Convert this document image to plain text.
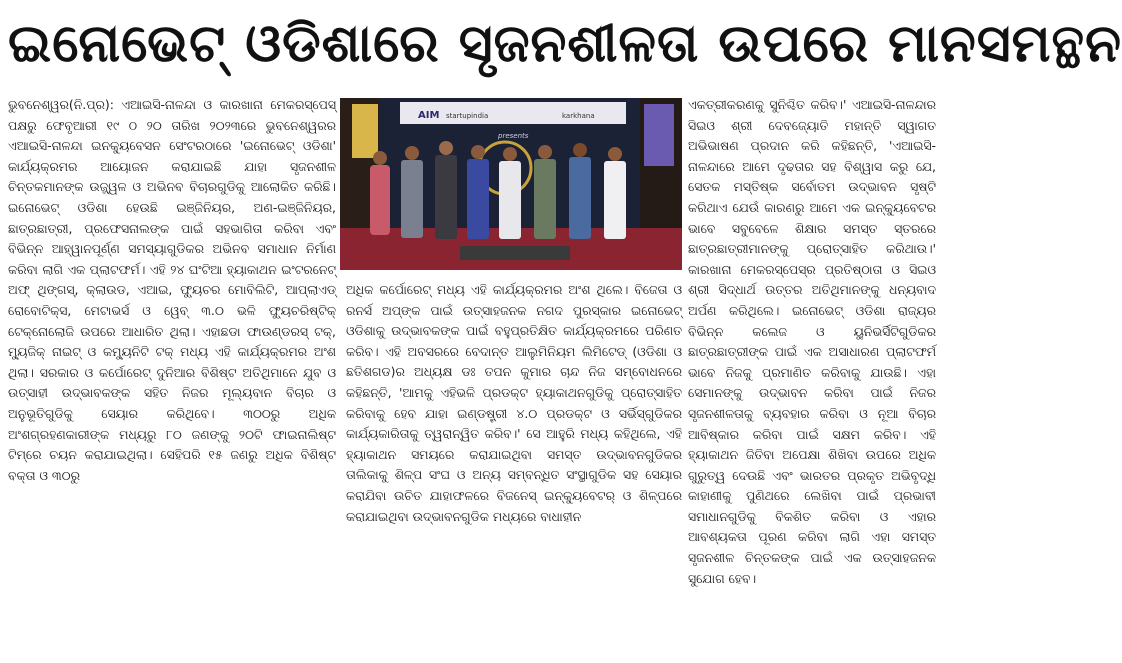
ଇନୋଭେଟ୍ ଓଡିଶାରେ ସୃଜନଶୀଳତା ଉପରେ ମାନସମନ୍ଥନ

ଭୁବନେଶ୍ୱର(ନି.ପ୍ର): ଏଆଇସି-ନାଳନ୍ଦା ଓ କାରଖାନା ମେକରସ୍ପେସ୍ ପକ୍ଷରୁ ଫେବୃଆରୀ ୧୯ ଠ ୨୦ ତାରିଖ ୨୦୨୩ରେ ଭୁବନେଶ୍ୱରର ଏଆଇସି-ନାଳନ୍ଦା ଇନକ୍ୟୁବେସନ ସେଂଟରଠାରେ 'ଇନୋଭେଟ୍ ଓଡିଶା' କାର୍ଯ୍ୟକ୍ରମର ଆୟୋଜନ କରାଯାଇଛି ଯାହା ସୃଜନଶୀଳ ଚିନ୍ତକମାନଙ୍କ ଉଜ୍ଜ୍ୱଳ ଓ ଅଭିନବ ବିଚାରଗୁଡିକୁ ଆଲୋକିତ କରିଛି। ଇନୋଭେଟ୍ ଓଡିଶା ହେଉଛି ଇଞ୍ଜିନିୟର, ଅଣ-ଇଞ୍ଜିନିୟର, ଛାତ୍ରଛାତ୍ରୀ, ପ୍ରଫେସନାଲଙ୍କ ପାଇଁ ସହଭାଗିତା କରିବା ଏବଂ ବିଭିନ୍ନ ଆହ୍ୱାନପୂର୍ଣ୍ଣ ସମସ୍ୟାଗୁଡିକର ଅଭିନବ ସମାଧାନ ନିର୍ମାଣ କରିବା ଲାଗି ଏକ ପ୍ଲାଟଫର୍ମ। ଏହି ୨୪ ଘଂଟିଆ ହ୍ୟାକାଥନ ଇଂଟରନେଟ୍ ଅଫ୍ ଥିଙ୍ଗସ୍, କ୍ଲାଉଡ, ଏଆଇ, ଫ୍ୟୁଚର ମୋବିଲିଟି, ଆପ୍ଲାଏଡ୍ ରୋବୋଟିକ୍ସ, ମେଟାଭର୍ସ ଓ ୱେବ୍ ୩.୦ ଭଳି ଫ୍ୟୁଚରିଷ୍ଟିକ୍ ଟେକ୍ନୋଲୋଜି ଉପରେ ଆଧାରିତ ଥିଲା। ଏହାଛଡା ଫାଉଣ୍ଡରସ୍ ଟକ୍, ମ୍ୟୁଜିକ୍ ନାଇଟ୍ ଓ କମ୍ୟୁନିଟି ଟକ୍ ମଧ୍ୟ ଏହି କାର୍ଯ୍ୟକ୍ରମର ଅଂଶ ଥିଲା। ସରକାର ଓ କର୍ପୋରେଟ୍ ଦୁନିଆର ବିଶିଷ୍ଟ ଅତିଥିମାନେ ଯୁବ ଓ ଉତ୍ସାହୀ ଉଦ୍ଭାବକଙ୍କ ସହିତ ନିଜର ମୂଲ୍ୟବାନ ବିଚାର ଓ ଅନୁଭୂତିଗୁଡିକୁ ସେୟାର କରିଥିବେ। ୩୦୦ରୁ ଅଧିକ ଅଂଶଗ୍ରହଣକାରୀଙ୍କ ମଧ୍ୟରୁ ୮୦ ଜଣଙ୍କୁ ୨୦ଟି ଫାଇନାଲିଷ୍ଟ ଟିମ୍‌ରେ ଚୟନ କରାଯାଇଥିଲା। ସେହିପରି ୧୫ ଜଣରୁ ଅଧିକ ବିଶିଷ୍ଟ ବକ୍ତା ଓ ୩୦ରୁ

AIM startupindia	karkhana
presents

ଅଧିକ କର୍ପୋରେଟ୍ ମଧ୍ୟ ଏହି କାର୍ଯ୍ୟକ୍ରମର ଅଂଶ ଥିଲେ। ବିଜେତା ଓ ରନର୍ସ ଅପ୍‌ଙ୍କ ପାଇଁ ଉତ୍ସାହଜନକ ନଗଦ ପୁରସ୍କାର ଇନୋଭେଟ୍ ଓଡିଶାକୁ ଉଦ୍ଭାବକଙ୍କ ପାଇଁ ବହୁପ୍ରତିକ୍ଷିତ କାର୍ଯ୍ୟକ୍ରମରେ ପରିଣତ କରିବ। ଏହି ଅବସରରେ ବେଦାନ୍ତ ଆଲୁମିନିୟମ ଲିମିଟେଡ୍ (ଓଡିଶା ଓ ଛତିଶଗଡ)ର ଅଧ୍ୟକ୍ଷ ଡଃ ତପନ କୁମାର ଚାନ୍ଦ ନିଜ ସମ୍ବୋଧନରେ କହିଛନ୍ତି, 'ଆମକୁ ଏହିଭଳି ପ୍ରଡକ୍ଟ ହ୍ୟାକାଥନଗୁଡିକୁ ପ୍ରୋତ୍ସାହିତ କରିବାକୁ ହେବ ଯାହା ଇଣ୍ଡଷ୍ଟ୍ରୀ ୪.୦ ପ୍ରଡକ୍ଟ ଓ ସର୍ଭିସ୍‌ଗୁଡିକର କାର୍ଯ୍ୟକାରିତାକୁ ତ୍ୱରାନ୍ୱିତ କରିବ।' ସେ ଆହୁରି ମଧ୍ୟ କହିଥିଲେ, ଏହି ହ୍ୟାକାଥନ ସମୟରେ କରାଯାଇଥିବା ସମସ୍ତ ଉଦ୍ଭାବନଗୁଡିକର ତାଲିକାକୁ ଶିଳ୍ପ ସଂଘ ଓ ଅନ୍ୟ ସମ୍ବନ୍ଧିତ ସଂସ୍ଥାଗୁଡିକ ସହ ସେୟାର କରାଯିବା ଉଚିତ ଯାହାଫଳରେ ବିଜନେସ୍ ଇନ୍‌କ୍ୟୁବେଟର୍ ଓ ଶିଳ୍ପରେ କରାଯାଇଥିବା ଉଦ୍ଭାବନଗୁଡିକ ମଧ୍ୟରେ ବାଧାହୀନ

ଏକତ୍ରୀକରଣକୁ ସୁନିଶ୍ଚିତ କରିବ।' ଏଆଇସି-ନାଳନ୍ଦାର ସିଇଓ ଶ୍ରୀ ଦେବଜ୍ୟୋତି ମହାନ୍ତି ସ୍ୱାଗତ ଅଭିଭାଷଣ ପ୍ରଦାନ କରି କହିଛନ୍ତି, 'ଏଆଇସି-ନାଳନ୍ଦାରେ ଆମେ ଦୃଢତାର ସହ ବିଶ୍ୱାସ କରୁ ଯେ, ସେତକ ମସ୍ତିଷ୍କ ସର୍ବୋତମ ଉଦ୍ଭାବନ ସୃଷ୍ଟି କରିଥାଏ ଯେଉଁ କାରଣରୁ ଆମେ ଏକ ଇନ୍‌କ୍ୟୁବେଟର ଭାବେ ସବୁବେଳେ ଶିକ୍ଷାର ସମସ୍ତ ସ୍ତରରେ ଛାତ୍ରଛାତ୍ରୀମାନଙ୍କୁ ପ୍ରୋତ୍ସାହିତ କରିଥାଉ।' କାରଖାନା ମେକରସ୍ପେସ୍‌ର ପ୍ରତିଷ୍ଠାତା ଓ ସିଇଓ ଶ୍ରୀ ସିଦ୍ଧାର୍ଥ ଉତ୍ତର ଅତିଥିମାନଙ୍କୁ ଧନ୍ୟବାଦ ଅର୍ପଣ କରିଥିଲେ। ଇନୋଭେଟ୍ ଓଡିଶା ରାଜ୍ୟର ବିଭିନ୍ନ କଲେଜ ଓ ୟୁନିଭର୍ସିଟିଗୁଡିକର ଛାତ୍ରଛାତ୍ରୀଙ୍କ ପାଇଁ ଏକ ଅସାଧାରଣ ପ୍ଲାଟଫର୍ମ ଭାବେ ନିଜକୁ ପ୍ରମାଣିତ କରିବାକୁ ଯାଉଛି। ଏହା ସେମାନଙ୍କୁ ଉଦ୍ଭାବନ କରିବା ପାଇଁ ନିଜର ସୃଜନଶୀଳତାକୁ ବ୍ୟବହାର କରିବା ଓ ନୂଆ ବିଚାର ଆବିଷ୍କାର କରିବା ପାଇଁ ସକ୍ଷମ କରିବ। ଏହି ହ୍ୟାକାଥନ ଜିତିବା ଅପେକ୍ଷା ଶିଖିବା ଉପରେ ଅଧିକ ଗୁରୁତ୍ୱ ଦେଉଛି ଏବଂ ଭାରତର ପ୍ରକୃତ ଅଭିବୃଦ୍ଧି କାହାଣୀକୁ ପୁଣିଥରେ ଲେଖିବା ପାଇଁ ପ୍ରଭାବୀ ସମାଧାନଗୁଡିକୁ ବିକଶିତ କରିବା ଓ ଏହାର ଆବଶ୍ୟକତା ପୂରଣ କରିବା ଲାଗି ଏହା ସମସ୍ତ ସୃଜନଶୀଳ ଚିନ୍ତକଙ୍କ ପାଇଁ ଏକ ଉତ୍ସାହଜନକ ସୁଯୋଗ ହେବ।
